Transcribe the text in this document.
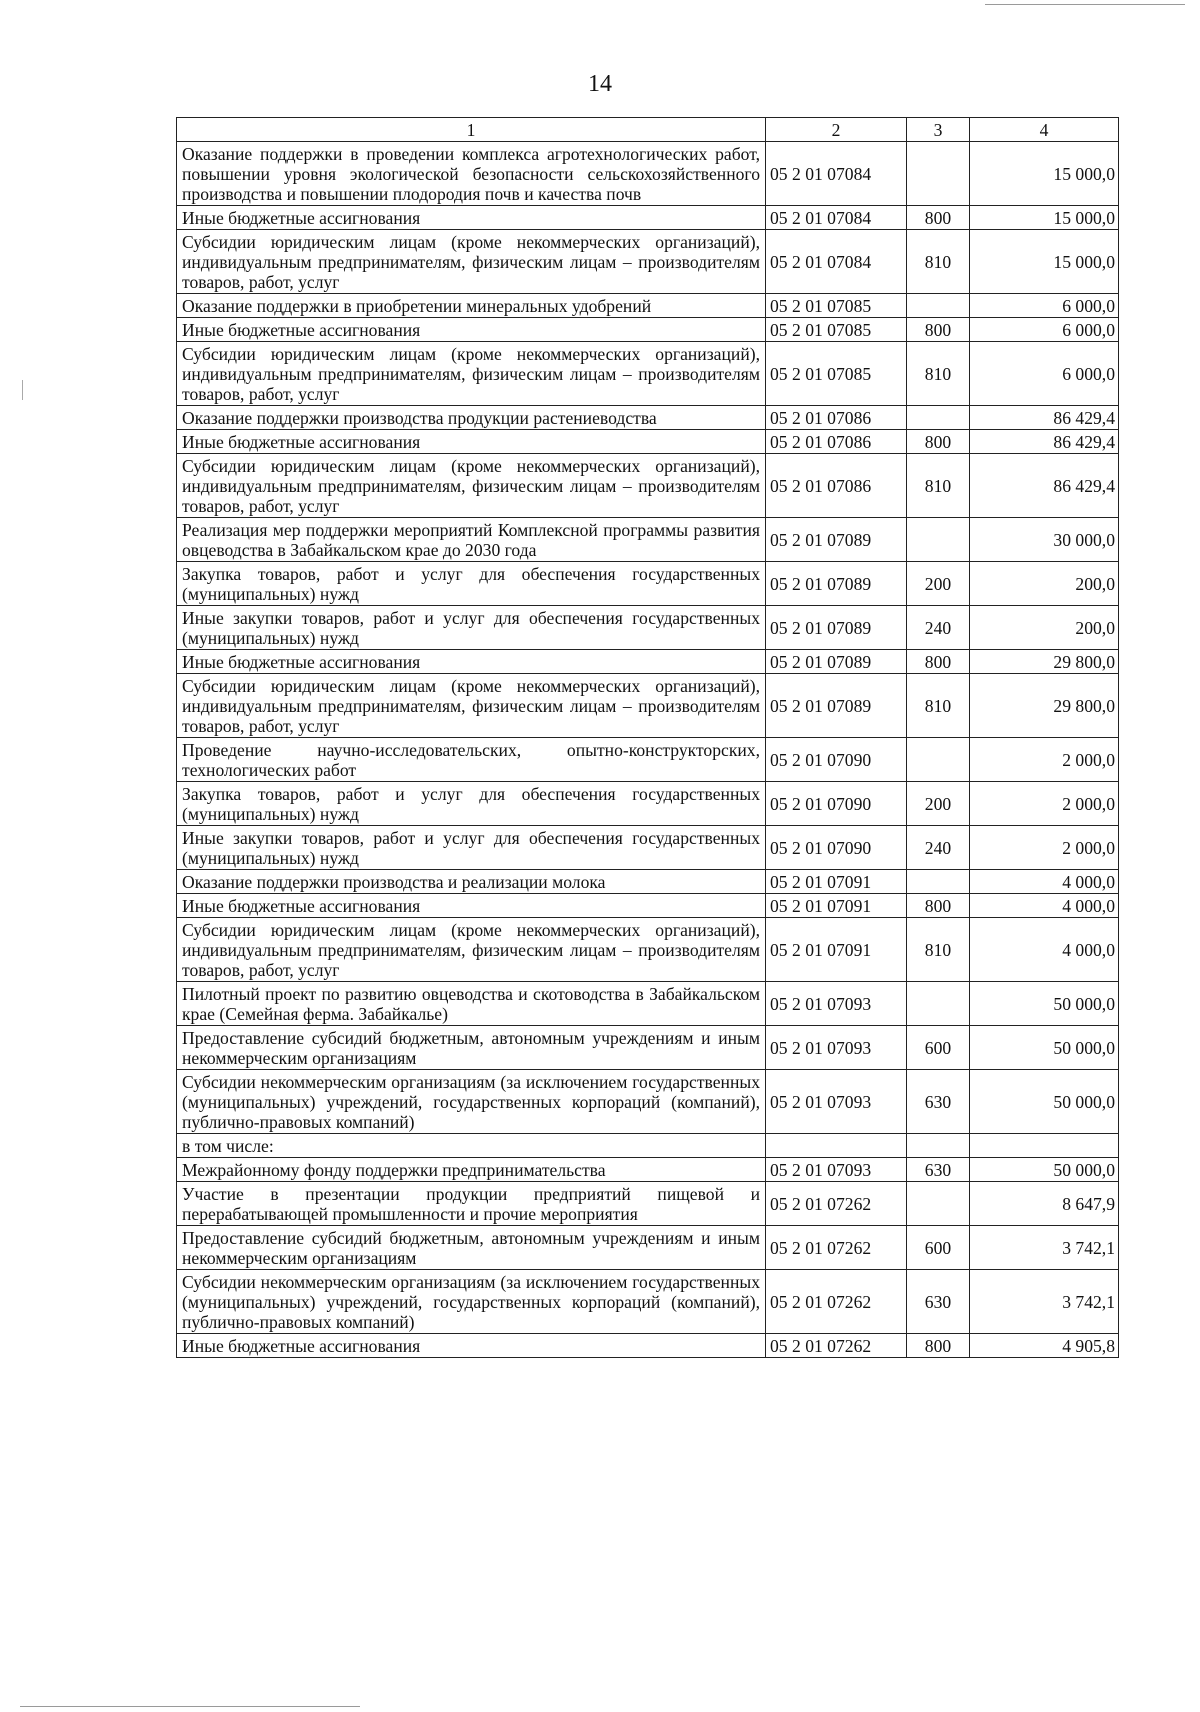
14
1	2	3	4
Оказание поддержки в проведении комплекса агротехнологических работ, повышении уровня экологической безопасности сельскохозяйственного производства и повышении плодородия почв и качества почв	05 2 01 07084		15 000,0
Иные бюджетные ассигнования	05 2 01 07084	800	15 000,0
Субсидии юридическим лицам (кроме некоммерческих организаций), индивидуальным предпринимателям, физическим лицам – производителям товаров, работ, услуг	05 2 01 07084	810	15 000,0
Оказание поддержки в приобретении минеральных удобрений	05 2 01 07085		6 000,0
Иные бюджетные ассигнования	05 2 01 07085	800	6 000,0
Субсидии юридическим лицам (кроме некоммерческих организаций), индивидуальным предпринимателям, физическим лицам – производителям товаров, работ, услуг	05 2 01 07085	810	6 000,0
Оказание поддержки производства продукции растениеводства	05 2 01 07086		86 429,4
Иные бюджетные ассигнования	05 2 01 07086	800	86 429,4
Субсидии юридическим лицам (кроме некоммерческих организаций), индивидуальным предпринимателям, физическим лицам – производителям товаров, работ, услуг	05 2 01 07086	810	86 429,4
Реализация мер поддержки мероприятий Комплексной программы развития овцеводства в Забайкальском крае до 2030 года	05 2 01 07089		30 000,0
Закупка товаров, работ и услуг для обеспечения государственных (муниципальных) нужд	05 2 01 07089	200	200,0
Иные закупки товаров, работ и услуг для обеспечения государственных (муниципальных) нужд	05 2 01 07089	240	200,0
Иные бюджетные ассигнования	05 2 01 07089	800	29 800,0
Субсидии юридическим лицам (кроме некоммерческих организаций), индивидуальным предпринимателям, физическим лицам – производителям товаров, работ, услуг	05 2 01 07089	810	29 800,0
Проведение научно-исследовательских, опытно-конструкторских, технологических работ	05 2 01 07090		2 000,0
Закупка товаров, работ и услуг для обеспечения государственных (муниципальных) нужд	05 2 01 07090	200	2 000,0
Иные закупки товаров, работ и услуг для обеспечения государственных (муниципальных) нужд	05 2 01 07090	240	2 000,0
Оказание поддержки производства и реализации молока	05 2 01 07091		4 000,0
Иные бюджетные ассигнования	05 2 01 07091	800	4 000,0
Субсидии юридическим лицам (кроме некоммерческих организаций), индивидуальным предпринимателям, физическим лицам – производителям товаров, работ, услуг	05 2 01 07091	810	4 000,0
Пилотный проект по развитию овцеводства и скотоводства в Забайкальском крае (Семейная ферма. Забайкалье)	05 2 01 07093		50 000,0
Предоставление субсидий бюджетным, автономным учреждениям и иным некоммерческим организациям	05 2 01 07093	600	50 000,0
Субсидии некоммерческим организациям (за исключением государственных (муниципальных) учреждений, государственных корпораций (компаний), публично-правовых компаний)	05 2 01 07093	630	50 000,0
в том числе:			
Межрайонному фонду поддержки предпринимательства	05 2 01 07093	630	50 000,0
Участие в презентации продукции предприятий пищевой и перерабатывающей промышленности и прочие мероприятия	05 2 01 07262		8 647,9
Предоставление субсидий бюджетным, автономным учреждениям и иным некоммерческим организациям	05 2 01 07262	600	3 742,1
Субсидии некоммерческим организациям (за исключением государственных (муниципальных) учреждений, государственных корпораций (компаний), публично-правовых компаний)	05 2 01 07262	630	3 742,1
Иные бюджетные ассигнования	05 2 01 07262	800	4 905,8
